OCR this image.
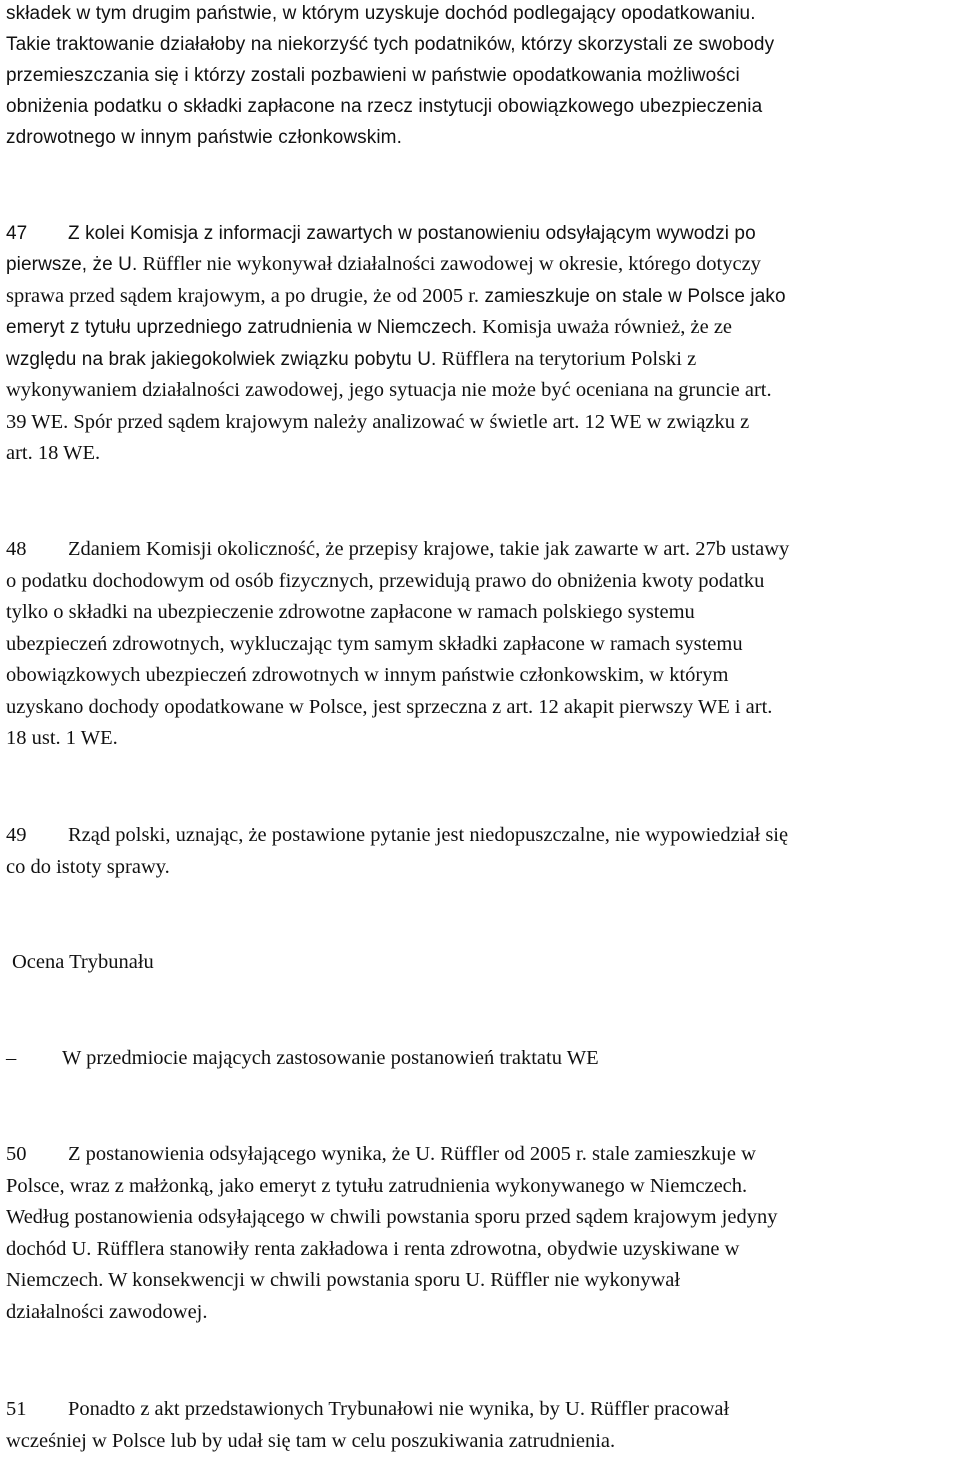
składek w tym drugim państwie, w którym uzyskuje dochód podlegający opodatkowaniu.
Takie traktowanie działałoby na niekorzyść tych podatników, którzy skorzystali ze swobody
przemieszczania się i którzy zostali pozbawieni w państwie opodatkowania możliwości
obniżenia podatku o składki zapłacone na rzecz instytucji obowiązkowego ubezpieczenia
zdrowotnego w innym państwie członkowskim.
47 Z kolei Komisja z informacji zawartych w postanowieniu odsyłającym wywodzi po
pierwsze, że U. Rüffler nie wykonywał działalności zawodowej w okresie, którego dotyczy
sprawa przed sądem krajowym, a po drugie, że od 2005 r. zamieszkuje on stale w Polsce jako
emeryt z tytułu uprzedniego zatrudnienia w Niemczech. Komisja uważa również, że ze
względu na brak jakiegokolwiek związku pobytu U. Rüfflera na terytorium Polski z
wykonywaniem działalności zawodowej, jego sytuacja nie może być oceniana na gruncie art.
39 WE. Spór przed sądem krajowym należy analizować w świetle art. 12 WE w związku z
art. 18 WE.
48 Zdaniem Komisji okoliczność, że przepisy krajowe, takie jak zawarte w art. 27b ustawy
o podatku dochodowym od osób fizycznych, przewidują prawo do obniżenia kwoty podatku
tylko o składki na ubezpieczenie zdrowotne zapłacone w ramach polskiego systemu
ubezpieczeń zdrowotnych, wykluczając tym samym składki zapłacone w ramach systemu
obowiązkowych ubezpieczeń zdrowotnych w innym państwie członkowskim, w którym
uzyskano dochody opodatkowane w Polsce, jest sprzeczna z art. 12 akapit pierwszy WE i art.
18 ust. 1 WE.
49 Rząd polski, uznając, że postawione pytanie jest niedopuszczalne, nie wypowiedział się
co do istoty sprawy.
Ocena Trybunału
– W przedmiocie mających zastosowanie postanowień traktatu WE
50 Z postanowienia odsyłającego wynika, że U. Rüffler od 2005 r. stale zamieszkuje w
Polsce, wraz z małżonką, jako emeryt z tytułu zatrudnienia wykonywanego w Niemczech.
Według postanowienia odsyłającego w chwili powstania sporu przed sądem krajowym jedyny
dochód U. Rüfflera stanowiły renta zakładowa i renta zdrowotna, obydwie uzyskiwane w
Niemczech. W konsekwencji w chwili powstania sporu U. Rüffler nie wykonywał
działalności zawodowej.
51 Ponadto z akt przedstawionych Trybunałowi nie wynika, by U. Rüffler pracował
wcześniej w Polsce lub by udał się tam w celu poszukiwania zatrudnienia.
